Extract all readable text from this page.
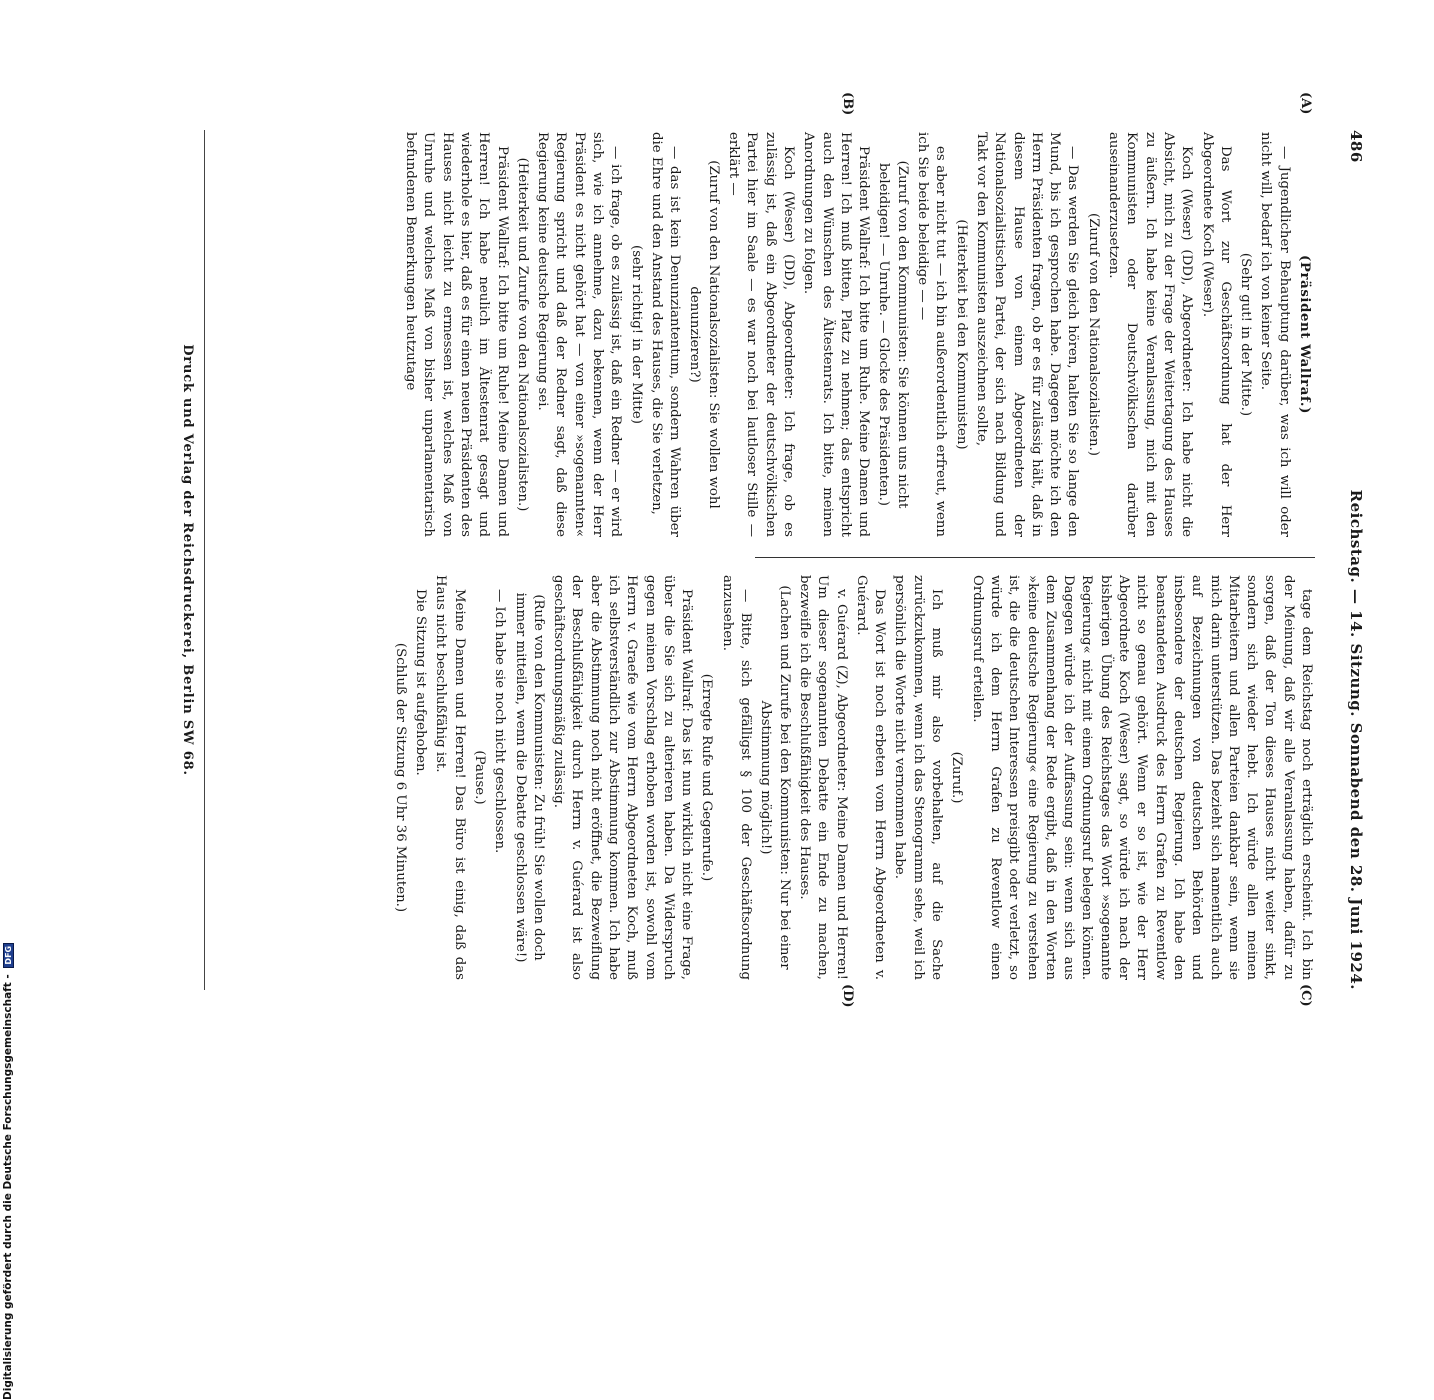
486
Reichstag. — 14. Sitzung. Sonnabend den 28. Juni 1924.

(Präsident Wallraf.)

— Jugendlicher Behauptung darüber, was ich will oder nicht will, bedarf ich von keiner Seite.

(Sehr gut! in der Mitte.)

Das Wort zur Geschäftsordnung hat der Herr Abgeordnete Koch (Weser).

Koch (Weser) (DD), Abgeordneter: Ich habe nicht die Absicht, mich zu der Frage der Weitertagung des Hauses zu äußern. Ich habe keine Veranlassung, mich mit den Kommunisten oder Deutschvölkischen darüber auseinanderzusetzen.

(Zuruf von den Nationalsozialisten.)

— Das werden Sie gleich hören, halten Sie so lange den Mund, bis ich gesprochen habe. Dagegen möchte ich den Herrn Präsidenten fragen, ob er es für zulässig hält, daß in diesem Hause von einem Abgeordneten der Nationalsozialistischen Partei, der sich nach Bildung und Takt vor den Kommunisten auszeichnen sollte,

(Heiterkeit bei den Kommunisten)

es aber nicht tut — ich bin außerordentlich erfreut, wenn ich Sie beide beleidige — —

(Zuruf von den Kommunisten: Sie können uns nicht beleidigen! — Unruhe. — Glocke des Präsidenten.)

Präsident Wallraf: Ich bitte um Ruhe. Meine Damen und Herren! Ich muß bitten, Platz zu nehmen; das entspricht auch den Wünschen des Ältestenrats. Ich bitte, meinen Anordnungen zu folgen.

Koch (Weser) (DD), Abgeordneter: Ich frage, ob es zulässig ist, daß ein Abgeordneter der deutschvölkischen Partei hier im Saale — es war noch bei lautloser Stille — erklärt —

(Zuruf von den Nationalsozialisten: Sie wollen wohl denunzieren?)

— das ist kein Denunziantentum, sondern Wahren über die Ehre und den Anstand des Hauses, die Sie verletzen,

(sehr richtig! in der Mitte)

— ich frage, ob es zulässig ist, daß ein Redner — er wird sich, wie ich annehme, dazu bekennen, wenn der Herr Präsident es nicht gehört hat — von einer »sogenannten« Regierung spricht und daß der Redner sagt, daß diese Regierung keine deutsche Regierung sei.

(Heiterkeit und Zurufe von den Nationalsozialisten.)

Präsident Wallraf: Ich bitte um Ruhe! Meine Damen und Herren! Ich habe neulich im Ältestenrat gesagt und wiederhole es hier, daß es für einen neuen Präsidenten des Hauses nicht leicht zu ermessen ist, welches Maß von Unruhe und welches Maß von bisher unparlamentarisch befundenen Bemerkungen heutzutage

tage dem Reichstag noch erträglich erscheint. Ich bin der Meinung, daß wir alle Veranlassung haben, dafür zu sorgen, daß der Ton dieses Hauses nicht weiter sinkt, sondern sich wieder hebt. Ich würde allen meinen Mitarbeitern und allen Parteien dankbar sein, wenn sie mich darin unterstützen. Das bezieht sich namentlich auch auf Bezeichnungen von deutschen Behörden und insbesondere der deutschen Regierung. Ich habe den beanstandeten Ausdruck des Herrn Grafen zu Reventlow nicht so genau gehört. Wenn er so ist, wie der Herr Abgeordnete Koch (Weser) sagt, so würde ich nach der bisherigen Übung des Reichstages das Wort »sogenannte Regierung« nicht mit einem Ordnungsruf belegen können. Dagegen würde ich der Auffassung sein: wenn sich aus dem Zusammenhang der Rede ergibt, daß in den Worten »keine deutsche Regierung« eine Regierung zu verstehen ist, die die deutschen Interessen preisgibt oder verletzt, so würde ich dem Herrn Grafen zu Reventlow einen Ordnungsruf erteilen.

(Zuruf.)

Ich muß mir also vorbehalten, auf die Sache zurückzukommen, wenn ich das Stenogramm sehe, weil ich persönlich die Worte nicht vernommen habe.

Das Wort ist noch erbeten vom Herrn Abgeordneten v. Guérard.

v. Guérard (Z), Abgeordneter: Meine Damen und Herren! Um dieser sogenannten Debatte ein Ende zu machen, bezweifle ich die Beschlußfähigkeit des Hauses.

(Lachen und Zurufe bei den Kommunisten: Nur bei einer Abstimmung möglich!)

— Bitte, sich gefälligst § 100 der Geschäftsordnung anzusehen.

(Erregte Rufe und Gegenrufe.)

Präsident Wallraf: Das ist nun wirklich nicht eine Frage, über die Sie sich zu alterieren haben. Da Widerspruch gegen meinen Vorschlag erhoben worden ist, sowohl vom Herrn v. Graefe wie vom Herrn Abgeordneten Koch, muß ich selbstverständlich zur Abstimmung kommen. Ich habe aber die Abstimmung noch nicht eröffnet, die Bezweiflung der Beschlußfähigkeit durch Herrn v. Guérard ist also geschäftsordnungsmäßig zulässig.

(Rufe von den Kommunisten: Zu früh! Sie wollen doch immer mitteilen, wenn die Debatte geschlossen wäre!)

— Ich habe sie noch nicht geschlossen.

(Pause.)

Meine Damen und Herren! Das Büro ist einig, daß das Haus nicht beschlußfähig ist.

Die Sitzung ist aufgehoben.

(Schluß der Sitzung 6 Uhr 36 Minuten.)

(A)
(B)
(C)
(D)
Druck und Verlag der Reichsdruckerei, Berlin SW 68.
Digitalisierung gefördert durch die Deutsche Forschungsgemeinschaft - DFG
